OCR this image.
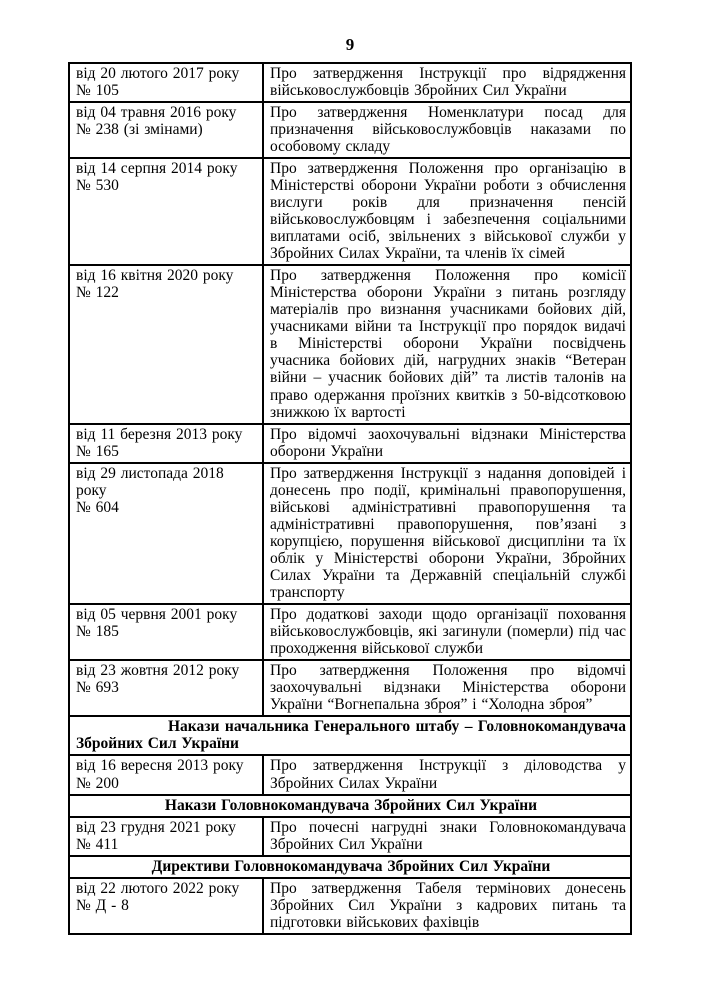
9
від 20 лютого 2017 року
№ 105	Про затвердження Інструкції про відрядження військовослужбовців Збройних Сил України

від 04 травня 2016 року
№ 238 (зі змінами)	Про затвердження Номенклатури посад для призначення військовослужбовців наказами по особовому складу

від 14 серпня 2014 року
№ 530	Про затвердження Положення про організацію в Міністерстві оборони України роботи з обчислення вислуги років для призначення пенсій військовослужбовцям і забезпечення соціальними виплатами осіб, звільнених з військової служби у Збройних Силах України, та членів їх сімей

від 16 квітня 2020 року
№ 122	Про затвердження Положення про комісії Міністерства оборони України з питань розгляду матеріалів про визнання учасниками бойових дій, учасниками війни та Інструкції про порядок видачі в Міністерстві оборони України посвідчень учасника бойових дій, нагрудних знаків “Ветеран війни – учасник бойових дій” та листів талонів на право одержання проїзних квитків з 50-відсотковою знижкою їх вартості

від 11 березня 2013 року
№ 165	Про відомчі заохочувальні відзнаки Міністерства оборони України

від 29 листопада 2018 року
№ 604	Про затвердження Інструкції з надання доповідей і донесень про події, кримінальні правопорушення, військові адміністративні правопорушення та адміністративні правопорушення, пов’язані з корупцією, порушення військової дисципліни та їх облік у Міністерстві оборони України, Збройних Силах України та Державній спеціальній службі транспорту

від 05 червня 2001 року
№ 185	Про додаткові заходи щодо організації поховання військовослужбовців, які загинули (померли) під час проходження військової служби

від 23 жовтня 2012 року
№ 693	Про затвердження Положення про відомчі заохочувальні відзнаки Міністерства оборони України “Вогнепальна зброя” і “Холодна зброя”
Накази начальника Генерального штабу – Головнокомандувача Збройних Сил України	

від 16 вересня 2013 року
№ 200	Про затвердження Інструкції з діловодства у Збройних Силах України
Накази Головнокомандувача Збройних Сил України	

від 23 грудня 2021 року
№ 411	Про почесні нагрудні знаки Головнокомандувача Збройних Сил України
Директиви Головнокомандувача Збройних Сил України	

від 22 лютого 2022 року
№ Д - 8	Про затвердження Табеля термінових донесень Збройних Сил України з кадрових питань та підготовки військових фахівців
